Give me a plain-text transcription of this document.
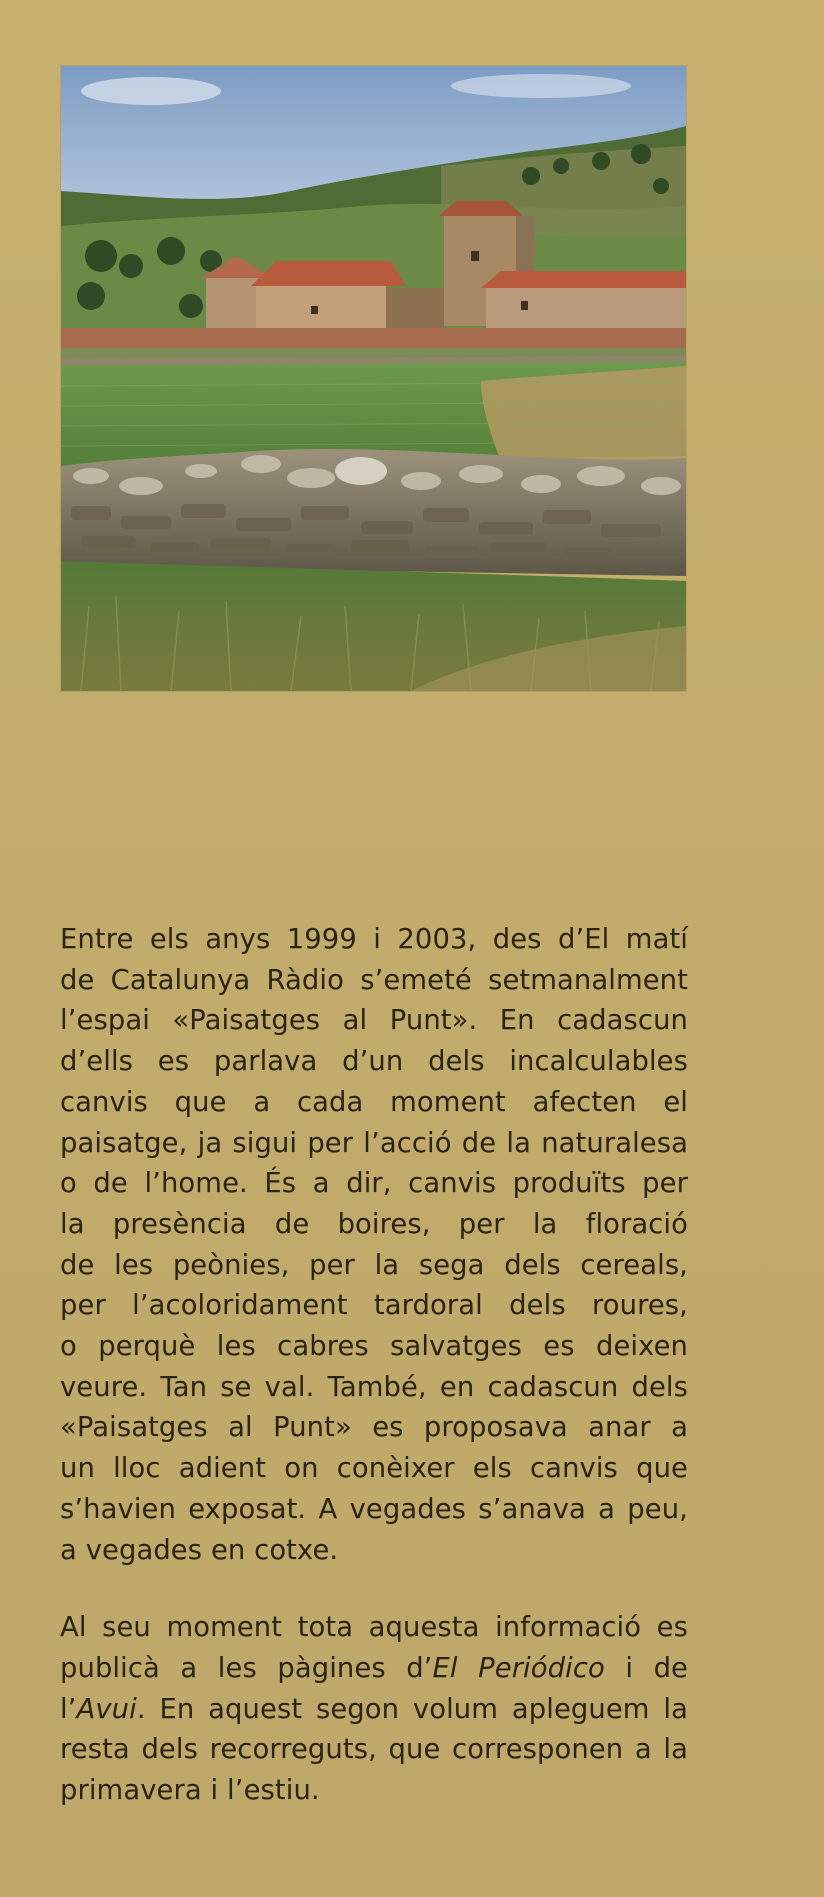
Entre els anys 1999 i 2003, des d’El matí
de Catalunya Ràdio s’emeté setmanalment
l’espai «Paisatges al Punt». En cadascun
d’ells es parlava d’un dels incalculables
canvis que a cada moment afecten el
paisatge, ja sigui per l’acció de la naturalesa
o de l’home. És a dir, canvis produïts per
la presència de boires, per la floració
de les peònies, per la sega dels cereals,
per l’acoloridament tardoral dels roures,
o perquè les cabres salvatges es deixen
veure. Tan se val. També, en cadascun dels
«Paisatges al Punt» es proposava anar a
un lloc adient on conèixer els canvis que
s’havien exposat. A vegades s’anava a peu,
a vegades en cotxe.

Al seu moment tota aquesta informació es
publicà a les pàgines d’El Periódico i de
l’Avui. En aquest segon volum apleguem la
resta dels recorreguts, que corresponen a la
primavera i l’estiu.
